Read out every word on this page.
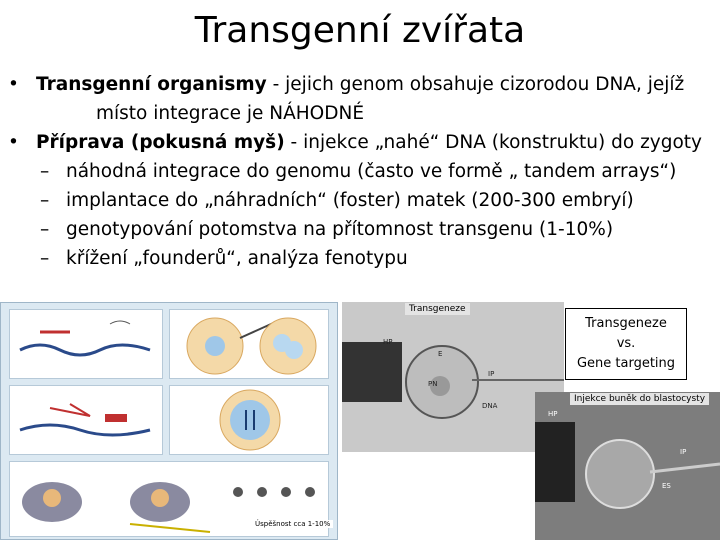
Transgenní zvířata
• Transgenní organismy - jejich genom obsahuje cizorodou DNA, jejíž
místo integrace je NÁHODNÉ
• Příprava (pokusná myš) - injekce „nahé“ DNA (konstruktu) do zygoty
– náhodná integrace do genomu (často ve formě „ tandem arrays“)
– implantace do „náhradních“ (foster) matek (200-300 embryí)
– genotypování potomstva na přítomnost transgenu (1-10%)
– křížení „founderů“, analýza fenotypu
Úspěšnost cca 1-10%
Transgeneze
HP
E
PN
IP
DNA
Injekce buněk do blastocysty
HP
IP
ES
Transgeneze
vs.
Gene targeting
